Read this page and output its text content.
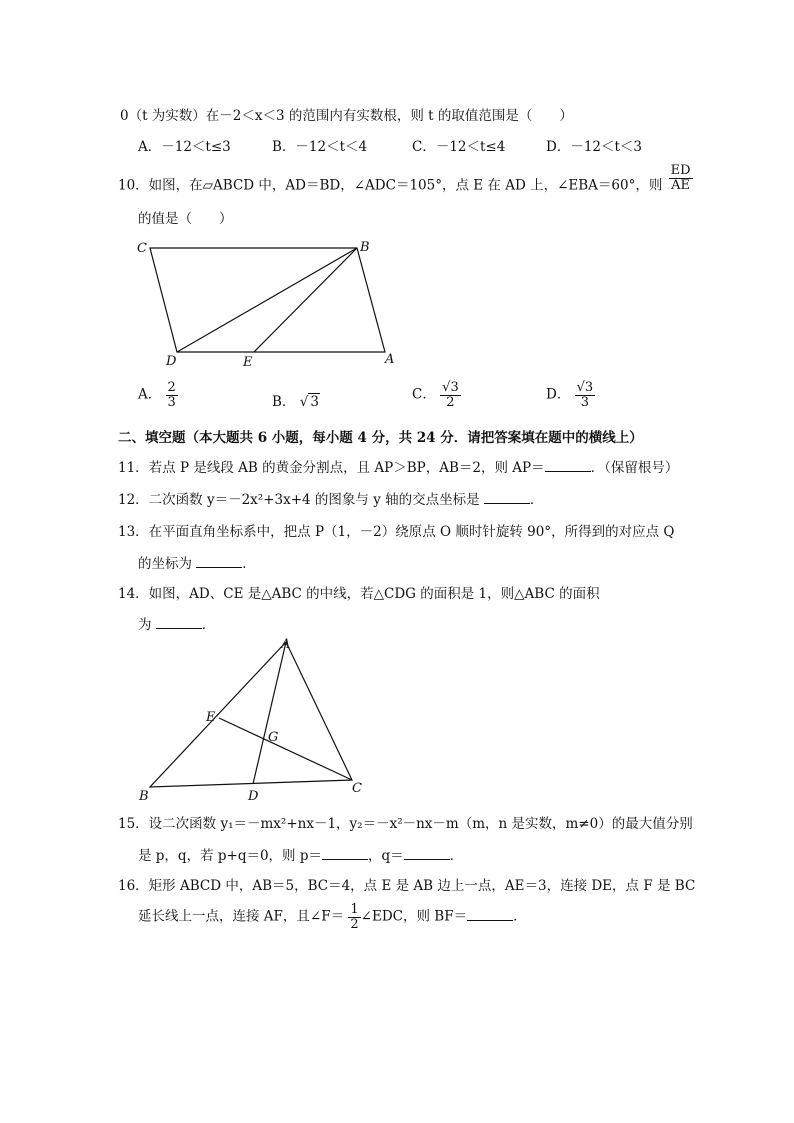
0（t 为实数）在－2＜x＜3 的范围内有实数根，则 t 的取值范围是（　　）
A．－12＜t≤3	B．－12＜t＜4	C．－12＜t≤4	D．－12＜t＜3
10．如图，在▱ABCD 中，AD＝BD，∠ADC＝105°，点 E 在 AD 上，∠EBA＝60°，则 $\frac{ED}{AE}$
的值是（　　）
C	B
D	E	A
A． $\frac{2}{3}$	B． √ 3	C． $\frac{√3}{2}$	D． $\frac{√3}{3}$
二、填空题（本大题共 6 小题，每小题 4 分，共 24 分．请把答案填在题中的横线上）
11．若点 P 是线段 AB 的黄金分割点，且 AP＞BP，AB＝2，则 AP＝	．（保留根号）
12．二次函数 y＝－2x²+3x+4 的图象与 y 轴的交点坐标是	．
13．在平面直角坐标系中，把点 P（1，－2）绕原点 O 顺时针旋转 90°，所得到的对应点 Q
的坐标为	．
14．如图，AD、CE 是△ABC 的中线，若△CDG 的面积是 1，则△ABC 的面积
为	．
A
E
G
B	D
C
15．设二次函数 y₁＝－mx²+nx－1，y₂＝－x²－nx－m（m，n 是实数，m≠0）的最大值分别
是 p，q，若 p+q＝0，则 p＝	，q＝	．
16．矩形 ABCD 中，AB＝5，BC＝4，点 E 是 AB 边上一点，AE＝3，连接 DE，点 F 是 BC
延长线上一点，连接 AF，且∠F＝ $\frac{1}{2}$ ∠EDC，则 BF＝	．
